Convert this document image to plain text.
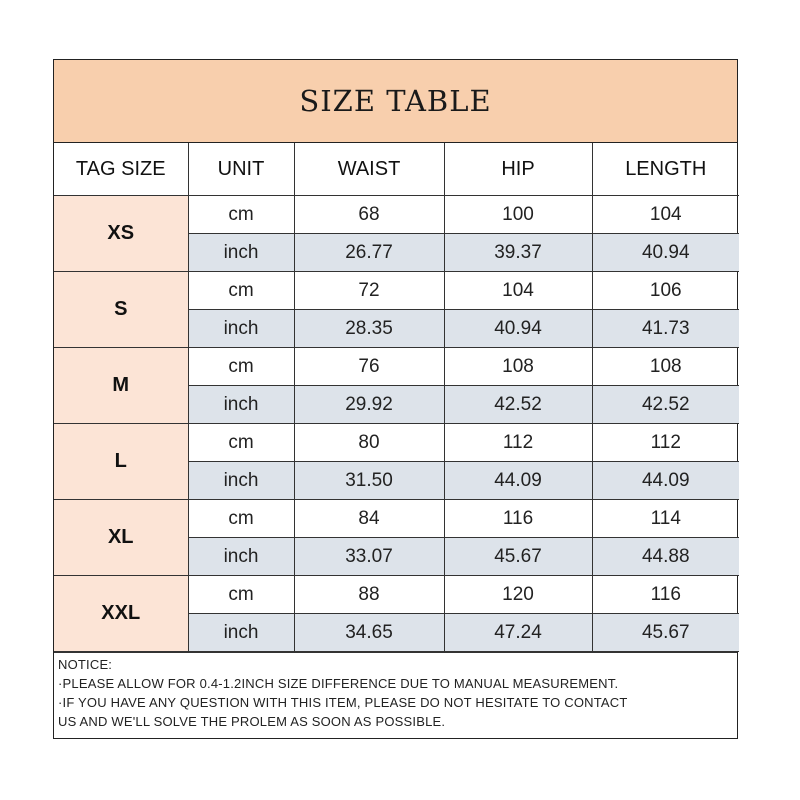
SIZE TABLE
TAG SIZE	UNIT	WAIST	HIP	LENGTH
XS	cm	68	100	104
	inch	26.77	39.37	40.94
S	cm	72	104	106
	inch	28.35	40.94	41.73
M	cm	76	108	108
	inch	29.92	42.52	42.52
L	cm	80	112	112
	inch	31.50	44.09	44.09
XL	cm	84	116	114
	inch	33.07	45.67	44.88
XXL	cm	88	120	116
	inch	34.65	47.24	45.67
NOTICE:
·PLEASE ALLOW FOR 0.4-1.2INCH SIZE DIFFERENCE DUE TO MANUAL MEASUREMENT.
·IF YOU HAVE ANY QUESTION WITH THIS ITEM, PLEASE DO NOT HESITATE TO CONTACT
US AND WE'LL SOLVE THE PROLEM AS SOON AS POSSIBLE.
